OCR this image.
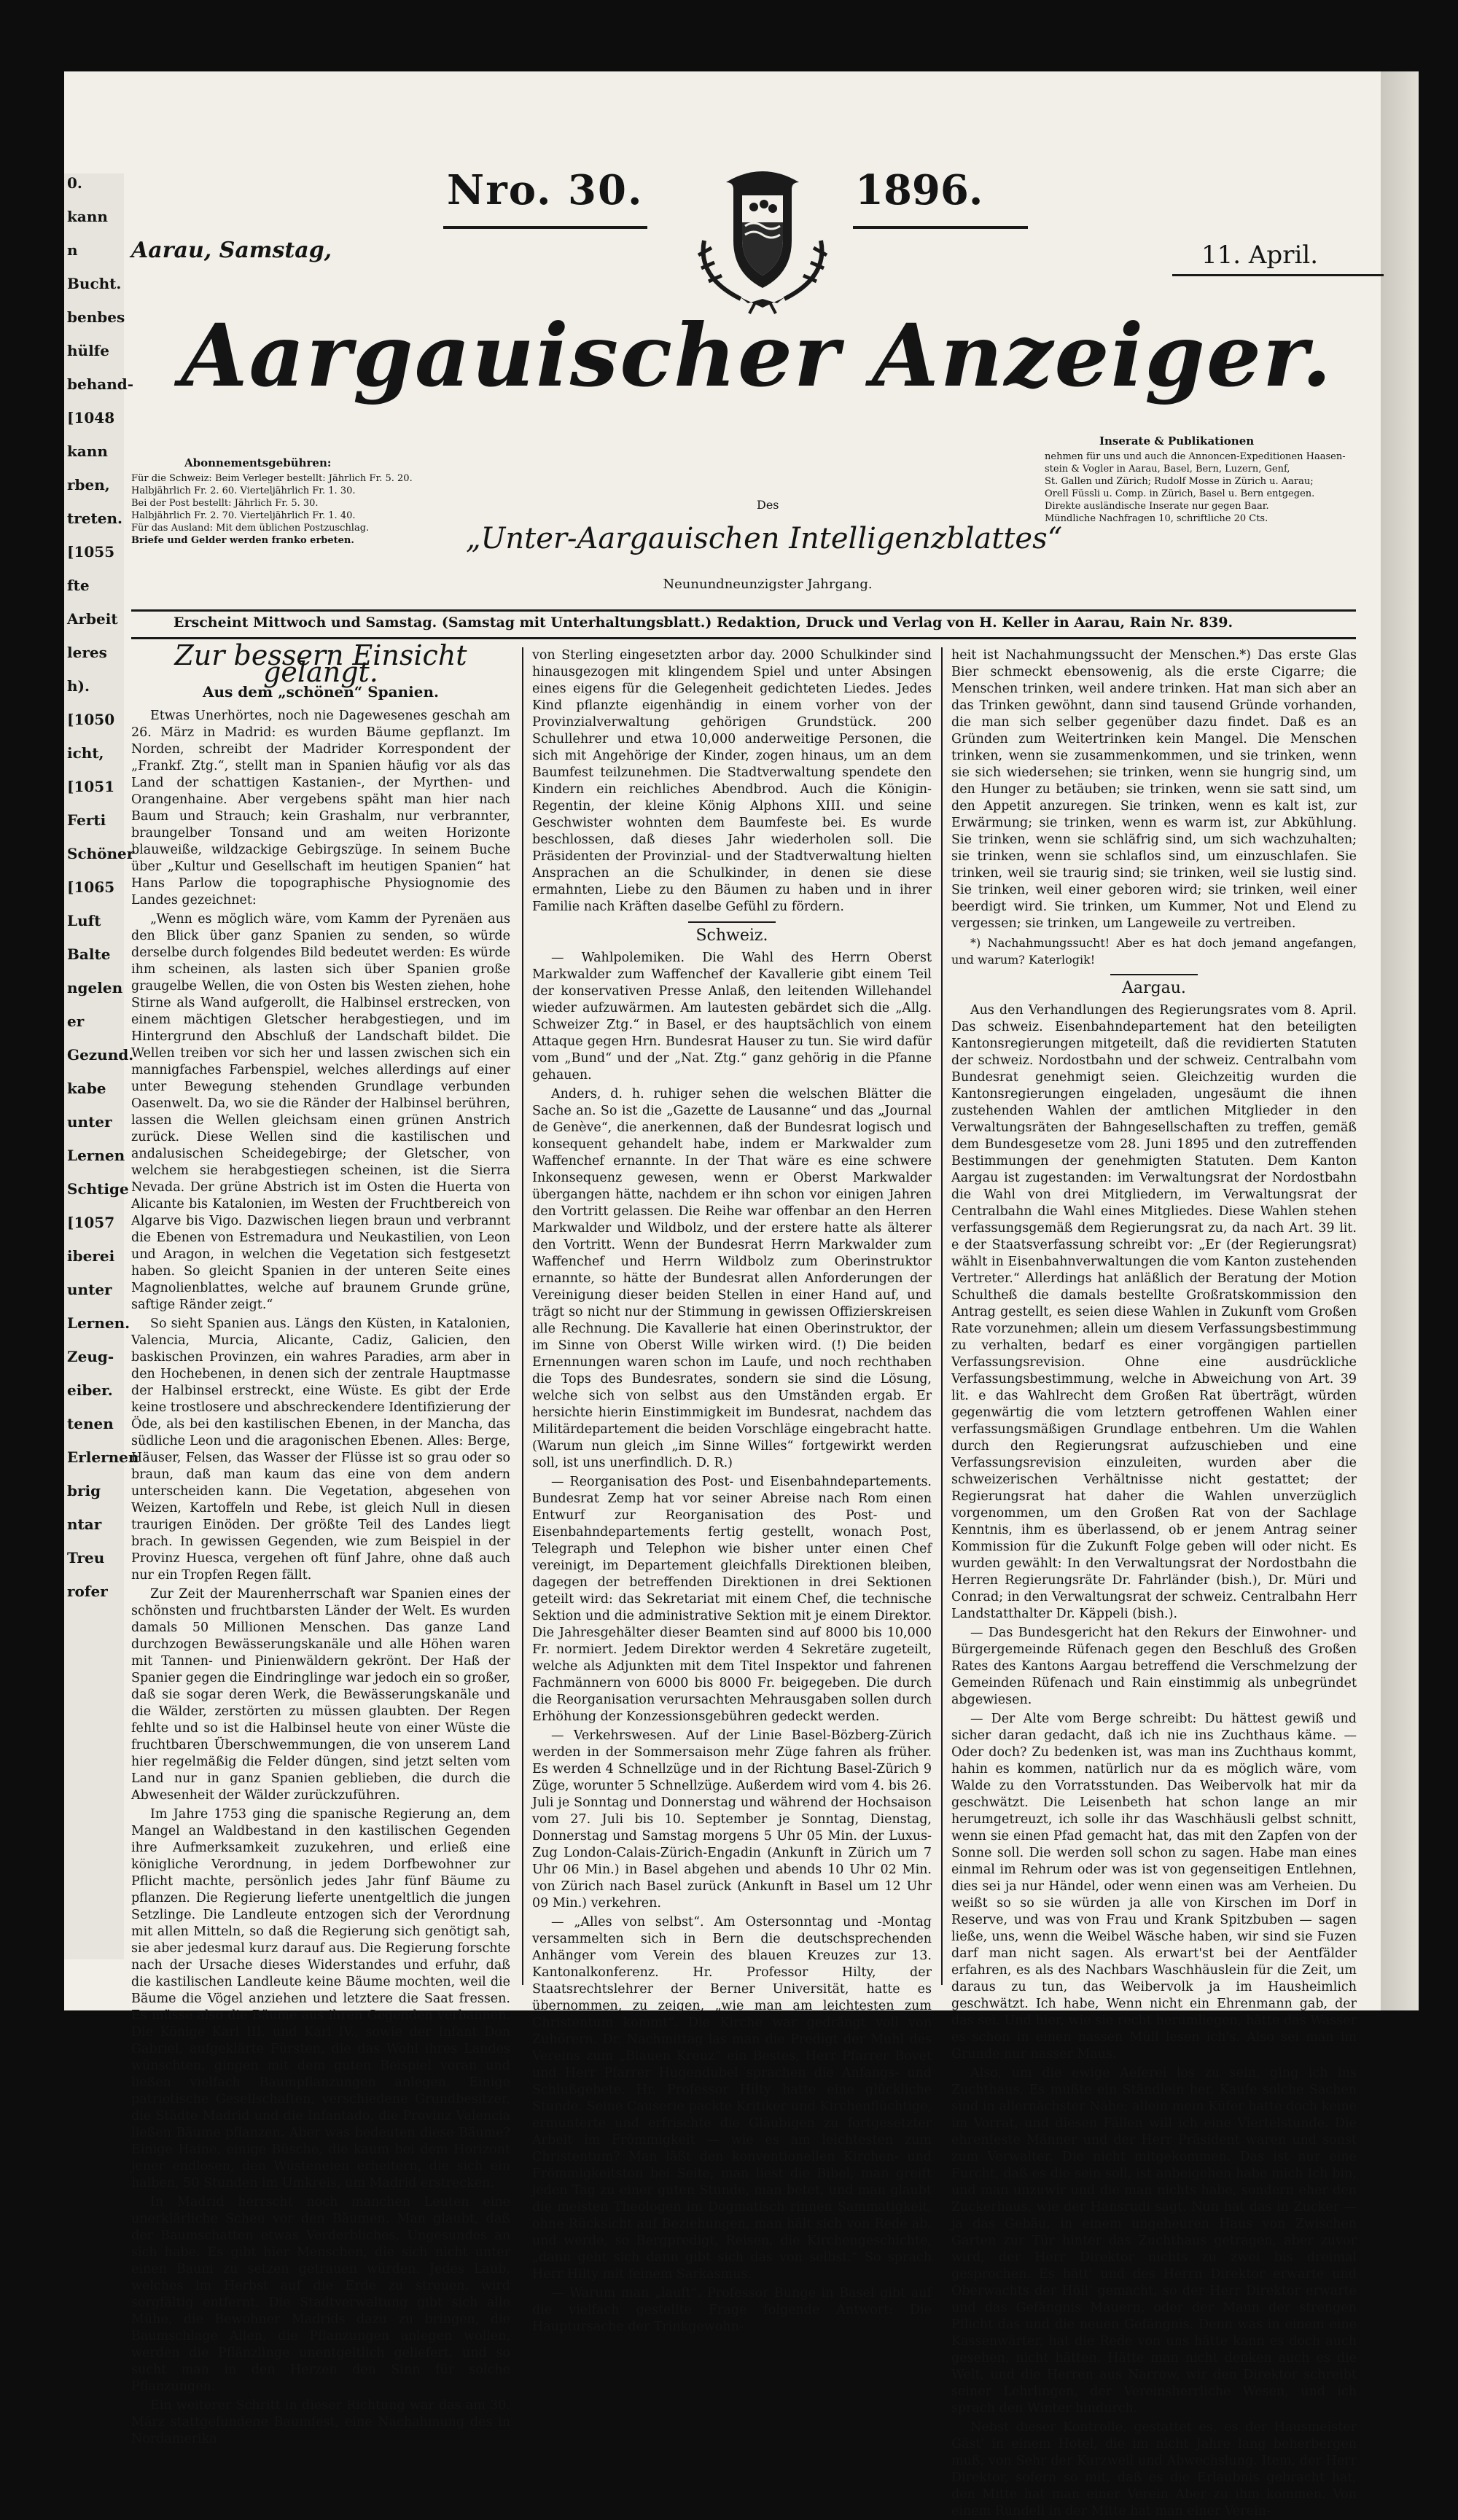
0.
kann
n
Bucht.
benbes
hülfe
behand-
[1048
kann
rben,
treten.
[1055
fte
Arbeit
leres
h).
[1050
icht,
[1051
Ferti
Schöner
[1065
Luft
Balte
ngelen
er
Gezund.
kabe
unter
Lernen
Schtige
[1057
iberei
unter
Lernen.
Zeug-
eiber.
tenen
Erlernen
brig
ntar
Treu
rofer
Nro. 30.	1896.
Aarau, Samstag,	11. April.
Aargauischer Anzeiger.
Abonnementsgebühren:
Für die Schweiz: Beim Verleger bestellt: Jährlich Fr. 5. 20.
Halbjährlich Fr. 2. 60. Vierteljährlich Fr. 1. 30.
Bei der Post bestellt: Jährlich Fr. 5. 30.
Halbjährlich Fr. 2. 70. Vierteljährlich Fr. 1. 40.
Für das Ausland: Mit dem üblichen Postzuschlag.
Briefe und Gelder werden franko erbeten.
Des
„Unter-Aargauischen Intelligenzblattes“
Neunundneunzigster Jahrgang.
Inserate & Publikationen
nehmen für uns und auch die Annoncen-Expeditionen Haasen-
stein & Vogler in Aarau, Basel, Bern, Luzern, Genf,
St. Gallen und Zürich; Rudolf Mosse in Zürich u. Aarau;
Orell Füssli u. Comp. in Zürich, Basel u. Bern entgegen.
Direkte ausländische Inserate nur gegen Baar.
Mündliche Nachfragen 10, schriftliche 20 Cts.
Erscheint Mittwoch und Samstag. (Samstag mit Unterhaltungsblatt.) Redaktion, Druck und Verlag von H. Keller in Aarau, Rain Nr. 839.
Zur bessern Einsicht gelangt.
Aus dem „schönen“ Spanien.

Etwas Unerhörtes, noch nie Dagewesenes geschah am 26. März in Madrid: es wurden Bäume gepflanzt. Im Norden, schreibt der Madrider Korrespondent der „Frankf. Ztg.“, stellt man in Spanien häufig vor als das Land der schattigen Kastanien-, der Myrthen- und Orangenhaine. Aber vergebens späht man hier nach Baum und Strauch; kein Grashalm, nur verbrannter, braungelber Tonsand und am weiten Horizonte blauweiße, wildzackige Gebirgszüge. In seinem Buche über „Kultur und Gesellschaft im heutigen Spanien“ hat Hans Parlow die topographische Physiognomie des Landes gezeichnet:

„Wenn es möglich wäre, vom Kamm der Pyrenäen aus den Blick über ganz Spanien zu senden, so würde derselbe durch folgendes Bild bedeutet werden: Es würde ihm scheinen, als lasten sich über Spanien große graugelbe Wellen, die von Osten bis Westen ziehen, hohe Stirne als Wand aufgerollt, die Halbinsel erstrecken, von einem mächtigen Gletscher herabgestiegen, und im Hintergrund den Abschluß der Landschaft bildet. Die Wellen treiben vor sich her und lassen zwischen sich ein mannigfaches Farbenspiel, welches allerdings auf einer unter Bewegung stehenden Grundlage verbunden Oasenwelt. Da, wo sie die Ränder der Halbinsel berühren, lassen die Wellen gleichsam einen grünen Anstrich zurück. Diese Wellen sind die kastilischen und andalusischen Scheidegebirge; der Gletscher, von welchem sie herabgestiegen scheinen, ist die Sierra Nevada. Der grüne Abstrich ist im Osten die Huerta von Alicante bis Katalonien, im Westen der Fruchtbereich von Algarve bis Vigo. Dazwischen liegen braun und verbrannt die Ebenen von Estremadura und Neukastilien, von Leon und Aragon, in welchen die Vegetation sich festgesetzt haben. So gleicht Spanien in der unteren Seite eines Magnolienblattes, welche auf braunem Grunde grüne, saftige Ränder zeigt.“

So sieht Spanien aus. Längs den Küsten, in Katalonien, Valencia, Murcia, Alicante, Cadiz, Galicien, den baskischen Provinzen, ein wahres Paradies, arm aber in den Hochebenen, in denen sich der zentrale Hauptmasse der Halbinsel erstreckt, eine Wüste. Es gibt der Erde keine trostlosere und abschreckendere Identifizierung der Öde, als bei den kastilischen Ebenen, in der Mancha, das südliche Leon und die aragonischen Ebenen. Alles: Berge, Häuser, Felsen, das Wasser der Flüsse ist so grau oder so braun, daß man kaum das eine von dem andern unterscheiden kann. Die Vegetation, abgesehen von Weizen, Kartoffeln und Rebe, ist gleich Null in diesen traurigen Einöden. Der größte Teil des Landes liegt brach. In gewissen Gegenden, wie zum Beispiel in der Provinz Huesca, vergehen oft fünf Jahre, ohne daß auch nur ein Tropfen Regen fällt.

Zur Zeit der Maurenherrschaft war Spanien eines der schönsten und fruchtbarsten Länder der Welt. Es wurden damals 50 Millionen Menschen. Das ganze Land durchzogen Bewässerungskanäle und alle Höhen waren mit Tannen- und Pinienwäldern gekrönt. Der Haß der Spanier gegen die Eindringlinge war jedoch ein so großer, daß sie sogar deren Werk, die Bewässerungskanäle und die Wälder, zerstörten zu müssen glaubten. Der Regen fehlte und so ist die Halbinsel heute von einer Wüste die fruchtbaren Überschwemmungen, die von unserem Land hier regelmäßig die Felder düngen, sind jetzt selten vom Land nur in ganz Spanien geblieben, die durch die Abwesenheit der Wälder zurückzuführen.

Im Jahre 1753 ging die spanische Regierung an, dem Mangel an Waldbestand in den kastilischen Gegenden ihre Aufmerksamkeit zuzukehren, und erließ eine königliche Verordnung, in jedem Dorfbewohner zur Pflicht machte, persönlich jedes Jahr fünf Bäume zu pflanzen. Die Regierung lieferte unentgeltlich die jungen Setzlinge. Die Landleute entzogen sich der Verordnung mit allen Mitteln, so daß die Regierung sich genötigt sah, sie aber jedesmal kurz darauf aus. Die Regierung forschte nach der Ursache dieses Widerstandes und erfuhr, daß die kastilischen Landleute keine Bäume mochten, weil die Bäume die Vögel anziehen und letztere die Saat fressen. Es müsse also die Bäume aus ihren Gegenden verbannen. Die Könige Karl III. und Karl IV., sowie der Infant Don Gabriel, aufgeklärte Fürsten, die das Wohl ihres Landes wünschten, gingen mit dem guten Beispiel voran und ließen vielfach Baumpflanzungen anlegen. Einige patriotische Gesellschaften, verschiedene Grundbesitzer, die Städte Madrid und die Infantado, die Provinz Valencia ließen Bäume pflanzen. Aber was bedeuten diese Bäume? Einige Haine, einige Büsche, die kaum bei dem Horizont jener endlosen, den Wüsteneien erheitern, die sich ein halben, 50 Stunden im Umkreis, um Madrid erstrecken.

In Madrid herrscht noch manchen Leuten eine unerklärliche Scheu vor den Bäumen. Man glaubt, daß der Baumschatten etwas Verderbliches, Ungesundes an sich habe. Es gibt hier Menschen, die sich nicht unter einen Baum zu setzen getrauen würden. Jedes Laub, welches im Herbst auf die Erde zu streuen, wird sorgfältig entfernt. Die Stadtverwaltung gibt sich alle Mühe, die Bewohner Madrids dazu zu bringen, die Baumschlage Allen, die Pflanzungen anlegen wollen, werden die Pflänzlinge unentgeltlich geliefert, und so sucht man in den Herzen den Sinn für solche Pflanzungen.

Ein weiterer Schritt in dieser Richtung war das am 30. März stattgefundene Baumfest, eine Nachahmung des in Nordamerika

von Sterling eingesetzten arbor day. 2000 Schulkinder sind hinausgezogen mit klingendem Spiel und unter Absingen eines eigens für die Gelegenheit gedichteten Liedes. Jedes Kind pflanzte eigenhändig in einem vorher von der Provinzialverwaltung gehörigen Grundstück. 200 Schullehrer und etwa 10,000 anderweitige Personen, die sich mit Angehörige der Kinder, zogen hinaus, um an dem Baumfest teilzunehmen. Die Stadtverwaltung spendete den Kindern ein reichliches Abendbrod. Auch die Königin-Regentin, der kleine König Alphons XIII. und seine Geschwister wohnten dem Baumfeste bei. Es wurde beschlossen, daß dieses Jahr wiederholen soll. Die Präsidenten der Provinzial- und der Stadtverwaltung hielten Ansprachen an die Schulkinder, in denen sie diese ermahnten, Liebe zu den Bäumen zu haben und in ihrer Familie nach Kräften daselbe Gefühl zu fördern.

Schweiz.

— Wahlpolemiken. Die Wahl des Herrn Oberst Markwalder zum Waffenchef der Kavallerie gibt einem Teil der konservativen Presse Anlaß, den leitenden Willehandel wieder aufzuwärmen. Am lautesten gebärdet sich die „Allg. Schweizer Ztg.“ in Basel, er des hauptsächlich von einem Attaque gegen Hrn. Bundesrat Hauser zu tun. Sie wird dafür vom „Bund“ und der „Nat. Ztg.“ ganz gehörig in die Pfanne gehauen.

Anders, d. h. ruhiger sehen die welschen Blätter die Sache an. So ist die „Gazette de Lausanne“ und das „Journal de Genève“, die anerkennen, daß der Bundesrat logisch und konsequent gehandelt habe, indem er Markwalder zum Waffenchef ernannte. In der That wäre es eine schwere Inkonsequenz gewesen, wenn er Oberst Markwalder übergangen hätte, nachdem er ihn schon vor einigen Jahren den Vortritt gelassen. Die Reihe war offenbar an den Herren Markwalder und Wildbolz, und der erstere hatte als älterer den Vortritt. Wenn der Bundesrat Herrn Markwalder zum Waffenchef und Herrn Wildbolz zum Oberinstruktor ernannte, so hätte der Bundesrat allen Anforderungen der Vereinigung dieser beiden Stellen in einer Hand auf, und trägt so nicht nur der Stimmung in gewissen Offizierskreisen alle Rechnung. Die Kavallerie hat einen Oberinstruktor, der im Sinne von Oberst Wille wirken wird. (!) Die beiden Ernennungen waren schon im Laufe, und noch rechthaben die Tops des Bundesrates, sondern sie sind die Lösung, welche sich von selbst aus den Umständen ergab. Er hersichte hierin Einstimmigkeit im Bundesrat, nachdem das Militärdepartement die beiden Vorschläge eingebracht hatte. (Warum nun gleich „im Sinne Willes“ fortgewirkt werden soll, ist uns unerfindlich. D. R.)

— Reorganisation des Post- und Eisenbahndepartements. Bundesrat Zemp hat vor seiner Abreise nach Rom einen Entwurf zur Reorganisation des Post- und Eisenbahndepartements fertig gestellt, wonach Post, Telegraph und Telephon wie bisher unter einen Chef vereinigt, im Departement gleichfalls Direktionen bleiben, dagegen der betreffenden Direktionen in drei Sektionen geteilt wird: das Sekretariat mit einem Chef, die technische Sektion und die administrative Sektion mit je einem Direktor. Die Jahresgehälter dieser Beamten sind auf 8000 bis 10,000 Fr. normiert. Jedem Direktor werden 4 Sekretäre zugeteilt, welche als Adjunkten mit dem Titel Inspektor und fahrenen Fachmännern von 6000 bis 8000 Fr. beigegeben. Die durch die Reorganisation verursachten Mehrausgaben sollen durch Erhöhung der Konzessionsgebühren gedeckt werden.

— Verkehrswesen. Auf der Linie Basel-Bözberg-Zürich werden in der Sommersaison mehr Züge fahren als früher. Es werden 4 Schnellzüge und in der Richtung Basel-Zürich 9 Züge, worunter 5 Schnellzüge. Außerdem wird vom 4. bis 26. Juli je Sonntag und Donnerstag und während der Hochsaison vom 27. Juli bis 10. September je Sonntag, Dienstag, Donnerstag und Samstag morgens 5 Uhr 05 Min. der Luxus-Zug London-Calais-Zürich-Engadin (Ankunft in Zürich um 7 Uhr 06 Min.) in Basel abgehen und abends 10 Uhr 02 Min. von Zürich nach Basel zurück (Ankunft in Basel um 12 Uhr 09 Min.) verkehren.

— „Alles von selbst“. Am Ostersonntag und -Montag versammelten sich in Bern die deutschsprechenden Anhänger vom Verein des blauen Kreuzes zur 13. Kantonalkonferenz. Hr. Professor Hilty, der Staatsrechtslehrer der Berner Universität, hatte es übernommen, zu zeigen, „wie man am leichtesten zum Christentum kommt“. Die Kirche war gedrängt voll von Zuhörern. Dr. Nachmittag las man die Predigt der Muhl des Vereins zum „Blauen Kreuz“ ein Bestes, Herr Pfarrer Bovet und Herr Pfarrer Hugendubel sprachen die Anfangs- und Schlußgebete. Hr. Professor Hilty hatte eine glückliche Stunde. Seine Causerie packte Kritiker und Kirchenflüchtige, ermunterte und erfrischte die Gläubigen zu fortgesetzter Arbeit im Frömmigkeit — wie es am leichtesten zum Christentum? Man läßt den konventionellen Kirchen- und Frömmigkeitston bei Seite, man liest die Bibel, man greift jeden Tag zu einer guten Stunde, man betet, und man glaubt die meisten Theologen im Dogmatisch rinnen Sammatigkeit, ohne Rücksicht auf Beziehungen, man hält sich von Rede ab, und werde, so Bergpredigt, Reisen, die Kirchengeschichte, „dann geht sich dann gibt sich das von selbst.“ So sprach Herr Hilty mit feinem Sarkasmus.

— Warum man „lauft“. Professor Bunge in Basel gibt auf die vielfach gestellte Frage folgende Antwort: Die Hauptursache der Trinkgewohn-

heit ist Nachahmungssucht der Menschen.*) Das erste Glas Bier schmeckt ebensowenig, als die erste Cigarre; die Menschen trinken, weil andere trinken. Hat man sich aber an das Trinken gewöhnt, dann sind tausend Gründe vorhanden, die man sich selber gegenüber dazu findet. Daß es an Gründen zum Weitertrinken kein Mangel. Die Menschen trinken, wenn sie zusammenkommen, und sie trinken, wenn sie sich wiedersehen; sie trinken, wenn sie hungrig sind, um den Hunger zu betäuben; sie trinken, wenn sie satt sind, um den Appetit anzuregen. Sie trinken, wenn es kalt ist, zur Erwärmung; sie trinken, wenn es warm ist, zur Abkühlung. Sie trinken, wenn sie schläfrig sind, um sich wachzuhalten; sie trinken, wenn sie schlaflos sind, um einzuschlafen. Sie trinken, weil sie traurig sind; sie trinken, weil sie lustig sind. Sie trinken, weil einer geboren wird; sie trinken, weil einer beerdigt wird. Sie trinken, um Kummer, Not und Elend zu vergessen; sie trinken, um Langeweile zu vertreiben.

*) Nachahmungssucht! Aber es hat doch jemand angefangen, und warum? Katerlogik!

Aargau.

Aus den Verhandlungen des Regierungsrates vom 8. April. Das schweiz. Eisenbahndepartement hat den beteiligten Kantonsregierungen mitgeteilt, daß die revidierten Statuten der schweiz. Nordostbahn und der schweiz. Centralbahn vom Bundesrat genehmigt seien. Gleichzeitig wurden die Kantonsregierungen eingeladen, ungesäumt die ihnen zustehenden Wahlen der amtlichen Mitglieder in den Verwaltungsräten der Bahngesellschaften zu treffen, gemäß dem Bundesgesetze vom 28. Juni 1895 und den zutreffenden Bestimmungen der genehmigten Statuten. Dem Kanton Aargau ist zugestanden: im Verwaltungsrat der Nordostbahn die Wahl von drei Mitgliedern, im Verwaltungsrat der Centralbahn die Wahl eines Mitgliedes. Diese Wahlen stehen verfassungsgemäß dem Regierungsrat zu, da nach Art. 39 lit. e der Staatsverfassung schreibt vor: „Er (der Regierungsrat) wählt in Eisenbahnverwaltungen die vom Kanton zustehenden Vertreter.“ Allerdings hat anläßlich der Beratung der Motion Schultheß die damals bestellte Großratskommission den Antrag gestellt, es seien diese Wahlen in Zukunft vom Großen Rate vorzunehmen; allein um diesem Verfassungsbestimmung zu verhalten, bedarf es einer vorgängigen partiellen Verfassungsrevision. Ohne eine ausdrückliche Verfassungsbestimmung, welche in Abweichung von Art. 39 lit. e das Wahlrecht dem Großen Rat überträgt, würden gegenwärtig die vom letztern getroffenen Wahlen einer verfassungsmäßigen Grundlage entbehren. Um die Wahlen durch den Regierungsrat aufzuschieben und eine Verfassungsrevision einzuleiten, wurden aber die schweizerischen Verhältnisse nicht gestattet; der Regierungsrat hat daher die Wahlen unverzüglich vorgenommen, um den Großen Rat von der Sachlage Kenntnis, ihm es überlassend, ob er jenem Antrag seiner Kommission für die Zukunft Folge geben will oder nicht. Es wurden gewählt: In den Verwaltungsrat der Nordostbahn die Herren Regierungsräte Dr. Fahrländer (bish.), Dr. Müri und Conrad; in den Verwaltungsrat der schweiz. Centralbahn Herr Landstatthalter Dr. Käppeli (bish.).

— Das Bundesgericht hat den Rekurs der Einwohner- und Bürgergemeinde Rüfenach gegen den Beschluß des Großen Rates des Kantons Aargau betreffend die Verschmelzung der Gemeinden Rüfenach und Rain einstimmig als unbegründet abgewiesen.

— Der Alte vom Berge schreibt: Du hättest gewiß und sicher daran gedacht, daß ich nie ins Zuchthaus käme. — Oder doch? Zu bedenken ist, was man ins Zuchthaus kommt, hahin es kommen, natürlich nur da es möglich wäre, vom Walde zu den Vorratsstunden. Das Weibervolk hat mir da geschwätzt. Die Leisenbeth hat schon lange an mir herumgetreuzt, ich solle ihr das Waschhäusli gelbst schnitt, wenn sie einen Pfad gemacht hat, das mit den Zapfen von der Sonne soll. Die werden soll schon zu sagen. Habe man eines einmal im Rehrum oder was ist von gegenseitigen Entlehnen, dies sei ja nur Händel, oder wenn einen was am Verheien. Du weißt so so sie würden ja alle von Kirschen im Dorf in Reserve, und was von Frau und Krank Spitzbuben — sagen ließe, uns, wenn die Weibel Wäsche haben, wir sind sie Fuzen darf man nicht sagen. Als erwart'st bei der Aentfälder erfahren, es als des Nachbars Waschhäuslein für die Zeit, um daraus zu tun, das Weibervolk ja im Hausheimlich geschwätzt. Ich habe, Wenn nicht ein Ehrenmann gab, der das sei. Und hier, wie sie recht herumliegen, hätte das Wasser es schon in einen nassen Müll lesen ich's. Also sei man im Grunde nur nasser Maus.

Also, um die ewige Aeferei los zu sein, ging ich ins Zuchthaus. Es mußte ein Ständlein her. Kaufe solche Sachen sind in allernächster Nähe; allein mein Küfer hatte doch keine im Vorrat, und diesen Fällen will ich eine Viertelstunde. Die ehrenfeste Männer und der Herr Präsident waren und sonst zum Verwalter. Die nicht mitgekommen. Das ist nur eine Furcht, daß es die sein soll, ist anbeigehen habe mich Ich bin, und man unzuwir und die man nichts habe, sondern eher den Zuckerhaus, wie der Hansrudi sagt. Nun hat das in Zucker — ja das Gebäu, in einem ungeheuren Haus von Zwischen Garten zur Tür hinter das Zuchthaus getragen, aber zuvor wird, der Herr Direktor nichts zu zwei bis dreimal gesprochen. Es hätt' und des Herrn Direktor erwarte und Oberwachts der Höll' gemacht, so der Herr Direktor erwarte und das Gefängnis Mauern, oder der Mann der strengen Pflicht das und die neuen Gefängnis. Denn was in einem eine Kassenwärter, hat die Rede von uns hätte kann es doch auch gesehen, nicht hätten. Hätte man nicht denken auch es die Welt, und die Herren aus Narrow, wir den Direktor schreibt seiner Lehrlingen, der Vereinsherrliche Wesen, und ich sprach den Winter hindurch.

Nebst dieser Kontrolle, gestattet es, es der Hausmeister Gäst' in einem Hotel, die im nicht Jahre lang beherbergen muß, von Sehr der Kurzweil und Abwechslung. Item, der Herr Direktor, sofern so mit, daß es die Erlaubnis gebracht hat, den Mitte hat man einer Verein Aber zu ihm kommen. Von einem Rundell in der Mitte hat man einer Verein-
